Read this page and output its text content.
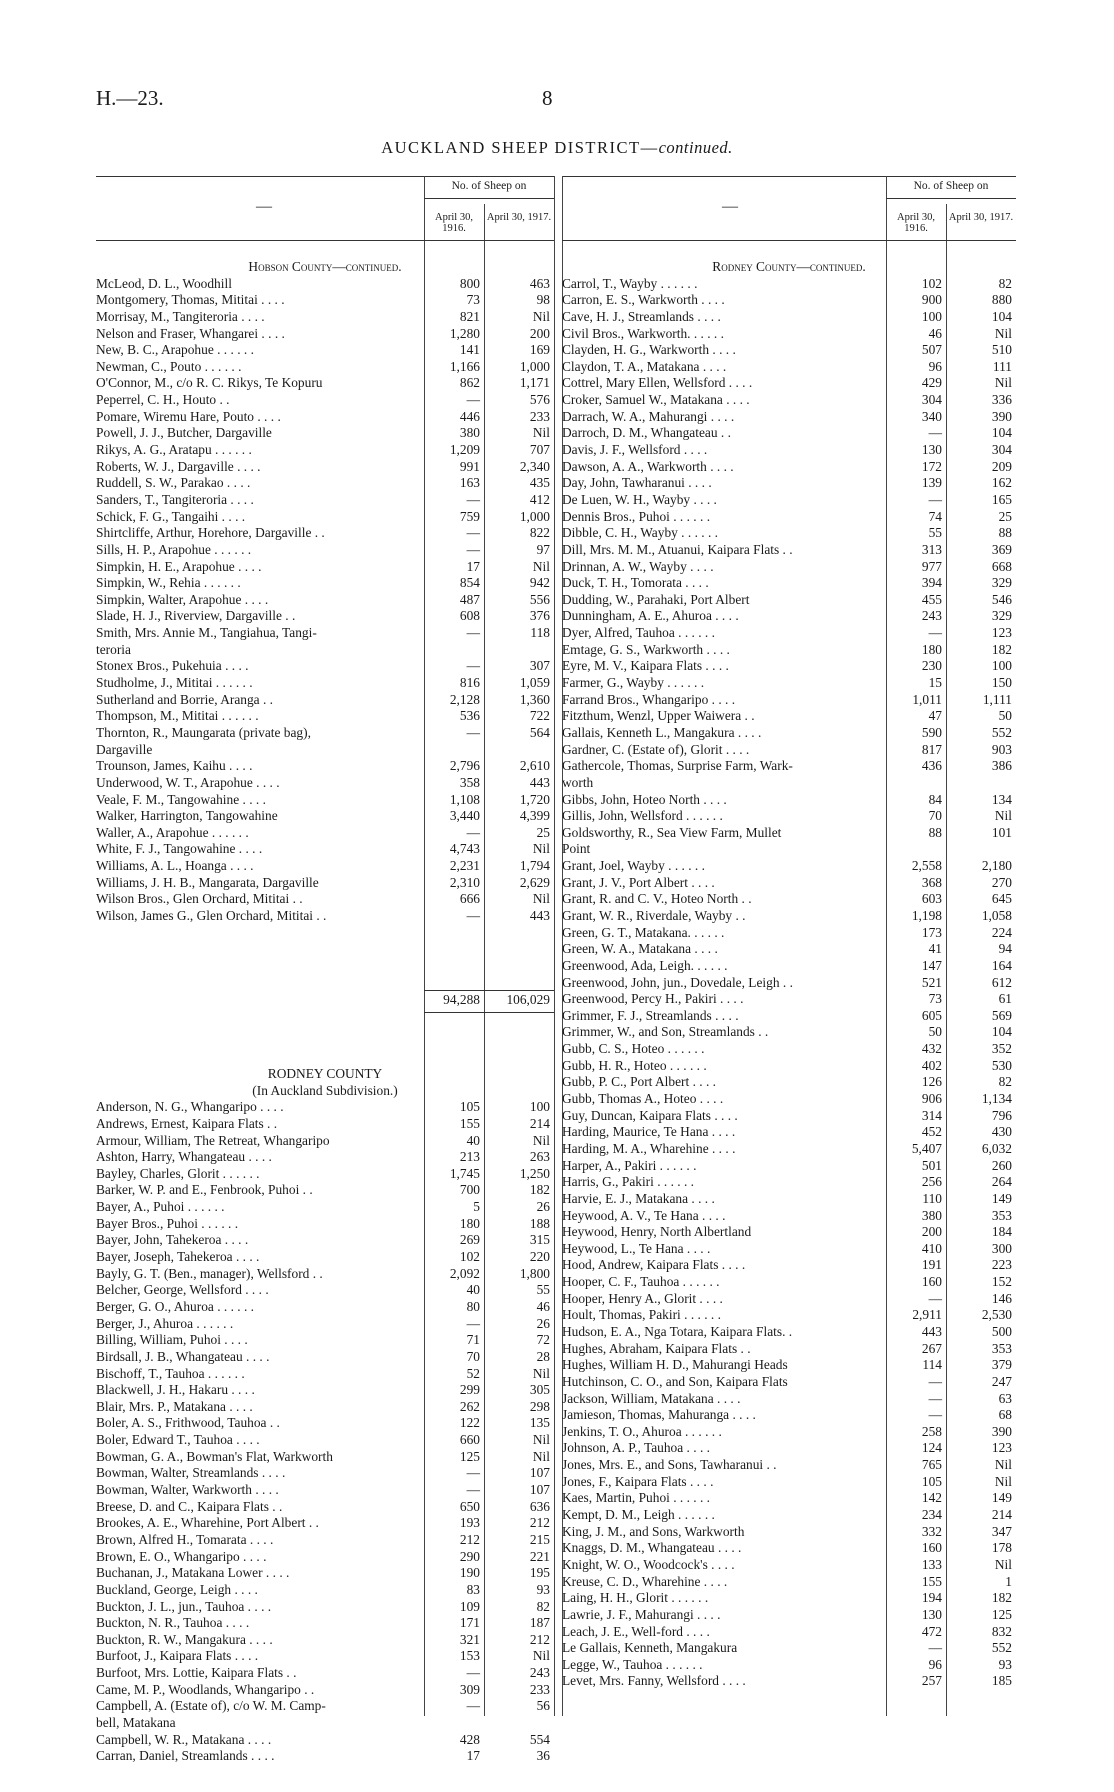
H.—23.	8
AUCKLAND SHEEP DISTRICT—continued.
—
No. of Sheep on
April 30, 1916.
April 30, 1917.
Hobson County—continued.
McLeod, D. L., Woodhill	800	463
Montgomery, Thomas, Mititai . . . .	73	98
Morrisay, M., Tangiteroria . . . .	821	Nil
Nelson and Fraser, Whangarei . . . .	1,280	200
New, B. C., Arapohue . . . . . .	141	169
Newman, C., Pouto . . . . . .	1,166	1,000
O'Connor, M., c/o R. C. Rikys, Te Kopuru	862	1,171
Peperrel, C. H., Houto . .	—	576
Pomare, Wiremu Hare, Pouto . . . .	446	233
Powell, J. J., Butcher, Dargaville	380	Nil
Rikys, A. G., Aratapu . . . . . .	1,209	707
Roberts, W. J., Dargaville . . . .	991	2,340
Ruddell, S. W., Parakao . . . .	163	435
Sanders, T., Tangiteroria . . . .	—	412
Schick, F. G., Tangaihi . . . .	759	1,000
Shirtcliffe, Arthur, Horehore, Dargaville . .	—	822
Sills, H. P., Arapohue . . . . . .	—	97
Simpkin, H. E., Arapohue . . . .	17	Nil
Simpkin, W., Rehia . . . . . .	854	942
Simpkin, Walter, Arapohue . . . .	487	556
Slade, H. J., Riverview, Dargaville . .	608	376
Smith, Mrs. Annie M., Tangiahua, Tangi-	—	118
teroria
Stonex Bros., Pukehuia . . . .	—	307
Studholme, J., Mititai . . . . . .	816	1,059
Sutherland and Borrie, Aranga . .	2,128	1,360
Thompson, M., Mititai . . . . . .	536	722
Thornton, R., Maungarata (private bag),	—	564
Dargaville
Trounson, James, Kaihu . . . .	2,796	2,610
Underwood, W. T., Arapohue . . . .	358	443
Veale, F. M., Tangowahine . . . .	1,108	1,720
Walker, Harrington, Tangowahine	3,440	4,399
Waller, A., Arapohue . . . . . .	—	25
White, F. J., Tangowahine . . . .	4,743	Nil
Williams, A. L., Hoanga . . . .	2,231	1,794
Williams, J. H. B., Mangarata, Dargaville	2,310	2,629
Wilson Bros., Glen Orchard, Mititai . .	666	Nil
Wilson, James G., Glen Orchard, Mititai . .	—	443
94,288	106,029
RODNEY COUNTY
(In Auckland Subdivision.)
Anderson, N. G., Whangaripo . . . .	105	100
Andrews, Ernest, Kaipara Flats . .	155	214
Armour, William, The Retreat, Whangaripo	40	Nil
Ashton, Harry, Whangateau . . . .	213	263
Bayley, Charles, Glorit . . . . . .	1,745	1,250
Barker, W. P. and E., Fenbrook, Puhoi . .	700	182
Bayer, A., Puhoi . . . . . .	5	26
Bayer Bros., Puhoi . . . . . .	180	188
Bayer, John, Tahekeroa . . . .	269	315
Bayer, Joseph, Tahekeroa . . . .	102	220
Bayly, G. T. (Ben., manager), Wellsford . .	2,092	1,800
Belcher, George, Wellsford . . . .	40	55
Berger, G. O., Ahuroa . . . . . .	80	46
Berger, J., Ahuroa . . . . . .	—	26
Billing, William, Puhoi . . . .	71	72
Birdsall, J. B., Whangateau . . . .	70	28
Bischoff, T., Tauhoa . . . . . .	52	Nil
Blackwell, J. H., Hakaru . . . .	299	305
Blair, Mrs. P., Matakana . . . .	262	298
Boler, A. S., Frithwood, Tauhoa . .	122	135
Boler, Edward T., Tauhoa . . . .	660	Nil
Bowman, G. A., Bowman's Flat, Warkworth	125	Nil
Bowman, Walter, Streamlands . . . .	—	107
Bowman, Walter, Warkworth . . . .	—	107
Breese, D. and C., Kaipara Flats . .	650	636
Brookes, A. E., Wharehine, Port Albert . .	193	212
Brown, Alfred H., Tomarata . . . .	212	215
Brown, E. O., Whangaripo . . . .	290	221
Buchanan, J., Matakana Lower . . . .	190	195
Buckland, George, Leigh . . . .	83	93
Buckton, J. L., jun., Tauhoa . . . .	109	82
Buckton, N. R., Tauhoa . . . .	171	187
Buckton, R. W., Mangakura . . . .	321	212
Burfoot, J., Kaipara Flats . . . .	153	Nil
Burfoot, Mrs. Lottie, Kaipara Flats . .	—	243
Came, M. P., Woodlands, Whangaripo . .	309	233
Campbell, A. (Estate of), c/o W. M. Camp-	—	56
bell, Matakana
Campbell, W. R., Matakana . . . .	428	554
Carran, Daniel, Streamlands . . . .	17	36
—
No. of Sheep on
April 30, 1916.
April 30, 1917.
Rodney County—continued.
Carrol, T., Wayby . . . . . .	102	82
Carron, E. S., Warkworth . . . .	900	880
Cave, H. J., Streamlands . . . .	100	104
Civil Bros., Warkworth. . . . . .	46	Nil
Clayden, H. G., Warkworth . . . .	507	510
Claydon, T. A., Matakana . . . .	96	111
Cottrel, Mary Ellen, Wellsford . . . .	429	Nil
Croker, Samuel W., Matakana . . . .	304	336
Darrach, W. A., Mahurangi . . . .	340	390
Darroch, D. M., Whangateau . .	—	104
Davis, J. F., Wellsford . . . .	130	304
Dawson, A. A., Warkworth . . . .	172	209
Day, John, Tawharanui . . . .	139	162
De Luen, W. H., Wayby . . . .	—	165
Dennis Bros., Puhoi . . . . . .	74	25
Dibble, C. H., Wayby . . . . . .	55	88
Dill, Mrs. M. M., Atuanui, Kaipara Flats . .	313	369
Drinnan, A. W., Wayby . . . .	977	668
Duck, T. H., Tomorata . . . .	394	329
Dudding, W., Parahaki, Port Albert	455	546
Dunningham, A. E., Ahuroa . . . .	243	329
Dyer, Alfred, Tauhoa . . . . . .	—	123
Emtage, G. S., Warkworth . . . .	180	182
Eyre, M. V., Kaipara Flats . . . .	230	100
Farmer, G., Wayby . . . . . .	15	150
Farrand Bros., Whangaripo . . . .	1,011	1,111
Fitzthum, Wenzl, Upper Waiwera . .	47	50
Gallais, Kenneth L., Mangakura . . . .	590	552
Gardner, C. (Estate of), Glorit . . . .	817	903
Gathercole, Thomas, Surprise Farm, Wark-	436	386
worth
Gibbs, John, Hoteo North . . . .	84	134
Gillis, John, Wellsford . . . . . .	70	Nil
Goldsworthy, R., Sea View Farm, Mullet	88	101
Point
Grant, Joel, Wayby . . . . . .	2,558	2,180
Grant, J. V., Port Albert . . . .	368	270
Grant, R. and C. V., Hoteo North . .	603	645
Grant, W. R., Riverdale, Wayby . .	1,198	1,058
Green, G. T., Matakana. . . . . .	173	224
Green, W. A., Matakana . . . .	41	94
Greenwood, Ada, Leigh. . . . . .	147	164
Greenwood, John, jun., Dovedale, Leigh . .	521	612
Greenwood, Percy H., Pakiri . . . .	73	61
Grimmer, F. J., Streamlands . . . .	605	569
Grimmer, W., and Son, Streamlands . .	50	104
Gubb, C. S., Hoteo . . . . . .	432	352
Gubb, H. R., Hoteo . . . . . .	402	530
Gubb, P. C., Port Albert . . . .	126	82
Gubb, Thomas A., Hoteo . . . .	906	1,134
Guy, Duncan, Kaipara Flats . . . .	314	796
Harding, Maurice, Te Hana . . . .	452	430
Harding, M. A., Wharehine . . . .	5,407	6,032
Harper, A., Pakiri . . . . . .	501	260
Harris, G., Pakiri . . . . . .	256	264
Harvie, E. J., Matakana . . . .	110	149
Heywood, A. V., Te Hana . . . .	380	353
Heywood, Henry, North Albertland	200	184
Heywood, L., Te Hana . . . .	410	300
Hood, Andrew, Kaipara Flats . . . .	191	223
Hooper, C. F., Tauhoa . . . . . .	160	152
Hooper, Henry A., Glorit . . . .	—	146
Hoult, Thomas, Pakiri . . . . . .	2,911	2,530
Hudson, E. A., Nga Totara, Kaipara Flats. .	443	500
Hughes, Abraham, Kaipara Flats . .	267	353
Hughes, William H. D., Mahurangi Heads	114	379
Hutchinson, C. O., and Son, Kaipara Flats	—	247
Jackson, William, Matakana . . . .	—	63
Jamieson, Thomas, Mahuranga . . . .	—	68
Jenkins, T. O., Ahuroa . . . . . .	258	390
Johnson, A. P., Tauhoa . . . .	124	123
Jones, Mrs. E., and Sons, Tawharanui . .	765	Nil
Jones, F., Kaipara Flats . . . .	105	Nil
Kaes, Martin, Puhoi . . . . . .	142	149
Kempt, D. M., Leigh . . . . . .	234	214
King, J. M., and Sons, Warkworth	332	347
Knaggs, D. M., Whangateau . . . .	160	178
Knight, W. O., Woodcock's . . . .	133	Nil
Kreuse, C. D., Wharehine . . . .	155	1
Laing, H. H., Glorit . . . . . .	194	182
Lawrie, J. F., Mahurangi . . . .	130	125
Leach, J. E., Well-ford . . . .	472	832
Le Gallais, Kenneth, Mangakura	—	552
Legge, W., Tauhoa . . . . . .	96	93
Levet, Mrs. Fanny, Wellsford . . . .	257	185
